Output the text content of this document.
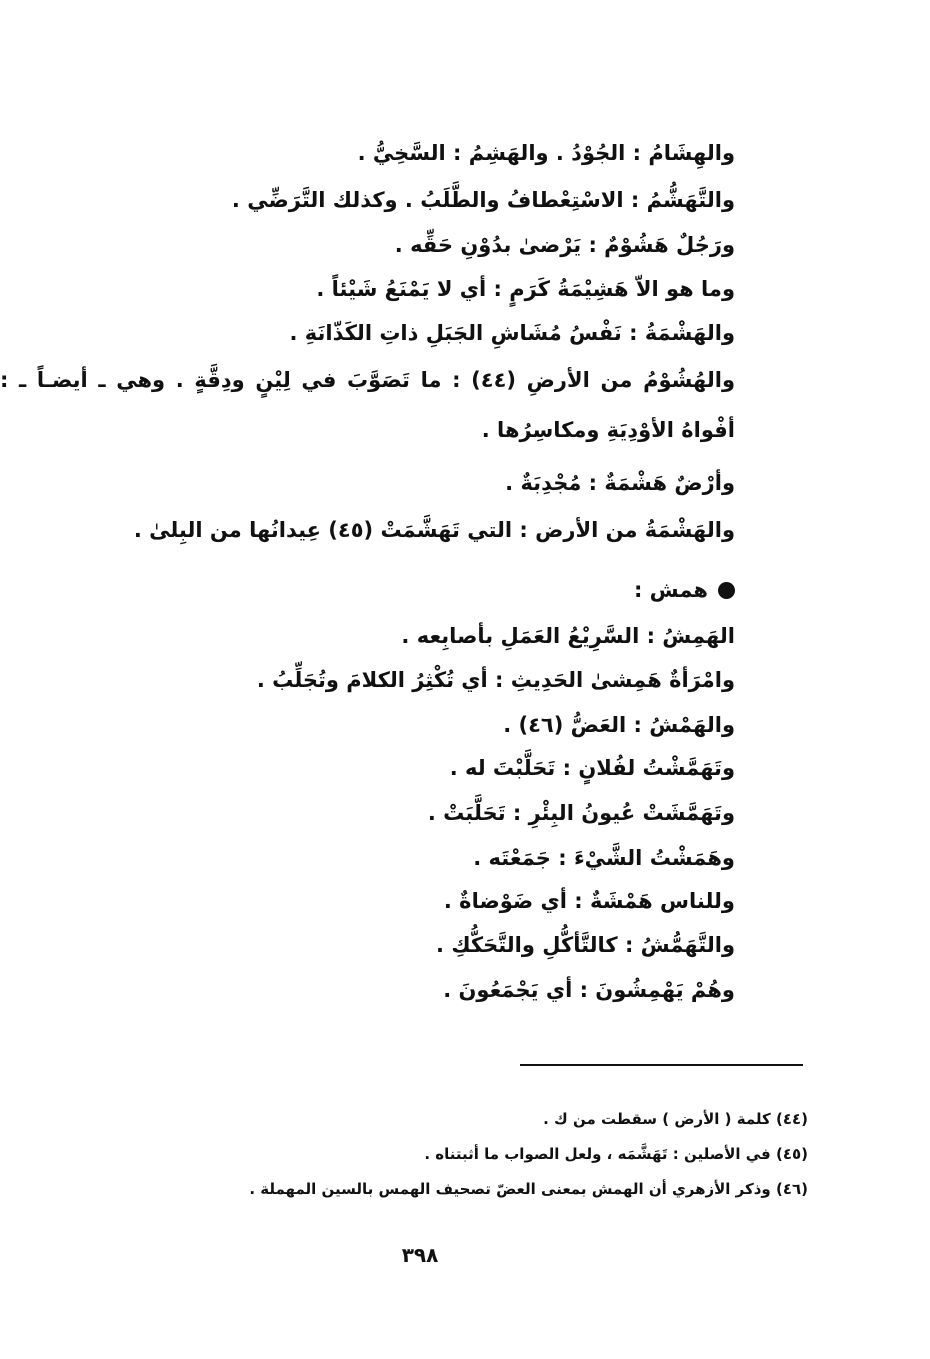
والهِشَامُ : الجُوْدُ . والهَشِمُ : السَّخِيُّ .
والتَّهَشُّمُ : الاسْتِعْطافُ والطَّلَبُ . وكذلك التَّرَضِّي .
ورَجُلٌ هَشُوْمٌ : يَرْضىٰ بدُوْنِ حَقِّه .
وما هو الاّ هَشِيْمَةُ كَرَمٍ : أي لا يَمْنَعُ شَيْئاً .
والهَشْمَةُ : نَفْسُ مُشَاشِ الجَبَلِ ذاتِ الكَذّانَةِ .
والهُشُوْمُ من الأرضِ (٤٤) : ما تَصَوَّبَ في لِيْنٍ ودِقَّةٍ . وهي ـ أيضـاً ـ : أفْواهُ الأوْدِيَةِ ومكاسِرُها .
وأرْضٌ هَشْمَةٌ : مُجْدِبَةٌ .
والهَشْمَةُ من الأرض : التي تَهَشَّمَتْ (٤٥) عِيدانُها من البِلىٰ .
همش :
الهَمِشُ : السَّرِيْعُ العَمَلِ بأصابِعه .
وامْرَأةٌ هَمِشىٰ الحَدِيثِ : أي تُكْثِرُ الكلامَ وتُجَلِّبُ .
والهَمْشُ : العَضُّ (٤٦) .
وتَهَمَّشْتُ لفُلانٍ : تَحَلَّبْتَ له .
وتَهَمَّشَتْ عُيونُ البِئْرِ : تَحَلَّبَتْ .
وهَمَشْتُ الشَّيْءَ : جَمَعْتَه .
وللناس هَمْشَةٌ : أي ضَوْضاةٌ .
والتَّهَمُّشُ : كالتَّأكُّلِ والتَّحَكُّكِ .
وهُمْ يَهْمِشُونَ : أي يَجْمَعُونَ .
(٤٤) كلمة ( الأرض ) سقطت من ك .
(٤٥) في الأصلين : تَهَشَّمَه ، ولعل الصواب ما أثبتناه .
(٤٦) وذكر الأزهري أن الهمش بمعنى العضّ تصحيف الهمس بالسين المهملة .
٣٩٨
